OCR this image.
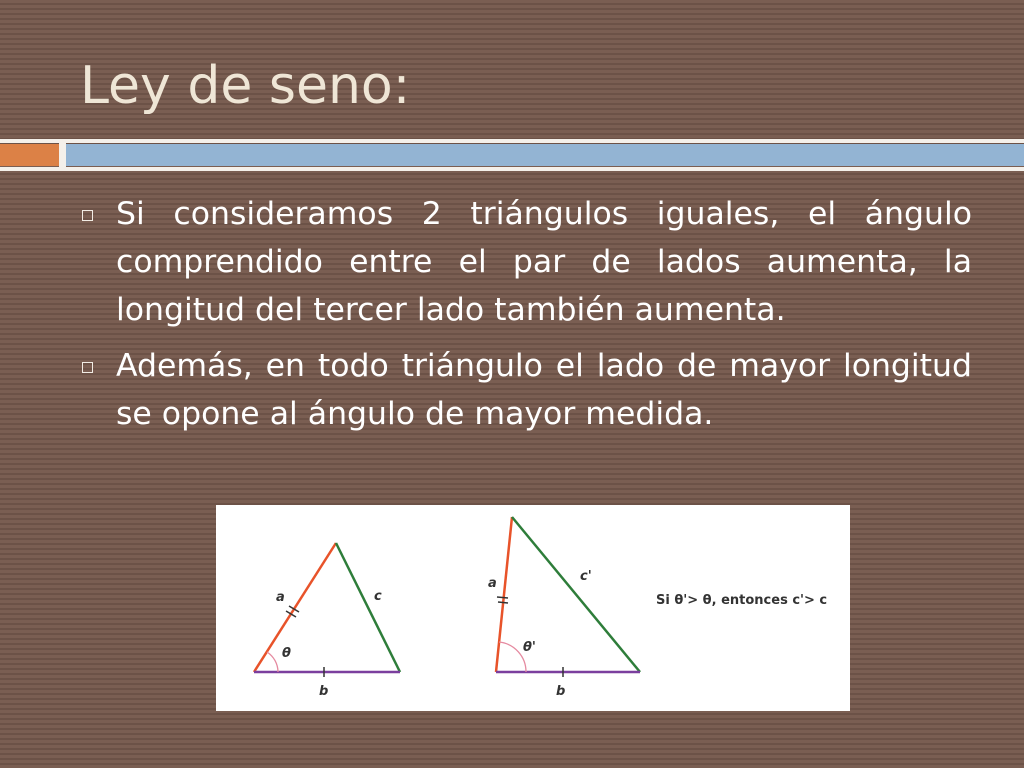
Ley de seno:
Si consideramos 2 triángulos iguales, el ángulo comprendido entre el par de lados aumenta, la longitud del tercer lado también aumenta.
Además, en todo triángulo el lado de mayor longitud se opone al ángulo de mayor medida.
a	c
b
θ
a	c'
b
θ'
Si θ'> θ, entonces c'> c
